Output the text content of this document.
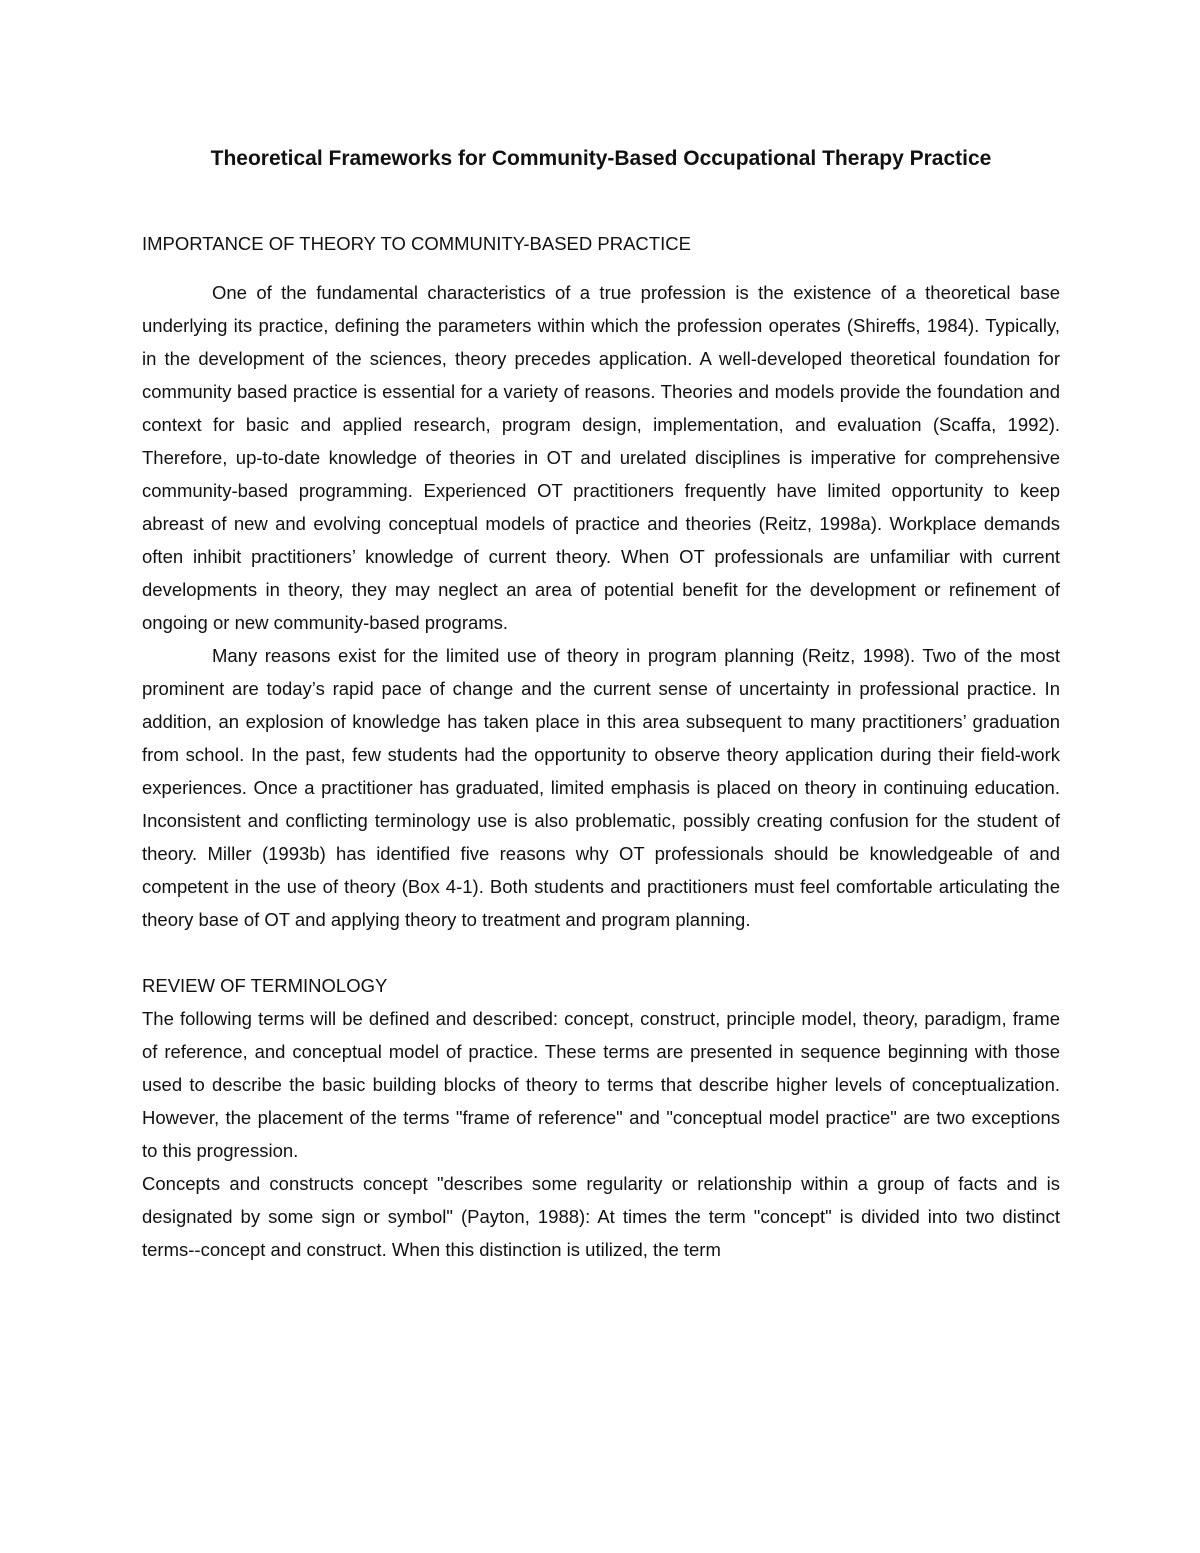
Theoretical Frameworks for Community-Based Occupational Therapy Practice
IMPORTANCE OF THEORY TO COMMUNITY-BASED PRACTICE

One of the fundamental characteristics of a true profession is the existence of a theoretical base underlying its practice, defining the parameters within which the profession operates (Shireffs, 1984). Typically, in the development of the sciences, theory precedes application. A well-developed theoretical foundation for community based practice is essential for a variety of reasons. Theories and models provide the foundation and context for basic and applied research, program design, implementation, and evaluation (Scaffa, 1992). Therefore, up-to-date knowledge of theories in OT and urelated disciplines is imperative for comprehensive community-based programming. Experienced OT practitioners frequently have limited opportunity to keep abreast of new and evolving conceptual models of practice and theories (Reitz, 1998a). Workplace demands often inhibit practitioners’ knowledge of current theory. When OT professionals are unfamiliar with current developments in theory, they may neglect an area of potential benefit for the development or refinement of ongoing or new community-based programs.

Many reasons exist for the limited use of theory in program planning (Reitz, 1998). Two of the most prominent are today’s rapid pace of change and the current sense of uncertainty in professional practice. In addition, an explosion of knowledge has taken place in this area subsequent to many practitioners’ graduation from school. In the past, few students had the opportunity to observe theory application during their field-work experiences. Once a practitioner has graduated, limited emphasis is placed on theory in continuing education. Inconsistent and conflicting terminology use is also problematic, possibly creating confusion for the student of theory. Miller (1993b) has identified five reasons why OT professionals should be knowledgeable of and competent in the use of theory (Box 4-1). Both students and practitioners must feel comfortable articulating the theory base of OT and applying theory to treatment and program planning.

REVIEW OF TERMINOLOGY

The following terms will be defined and described: concept, construct, principle model, theory, paradigm, frame of reference, and conceptual model of practice. These terms are presented in sequence beginning with those used to describe the basic building blocks of theory to terms that describe higher levels of conceptualization. However, the placement of the terms "frame of reference" and "conceptual model practice" are two exceptions to this progression.

Concepts and constructs concept "describes some regularity or relationship within a group of facts and is designated by some sign or symbol" (Payton, 1988): At times the term "concept" is divided into two distinct terms--concept and construct. When this distinction is utilized, the term
